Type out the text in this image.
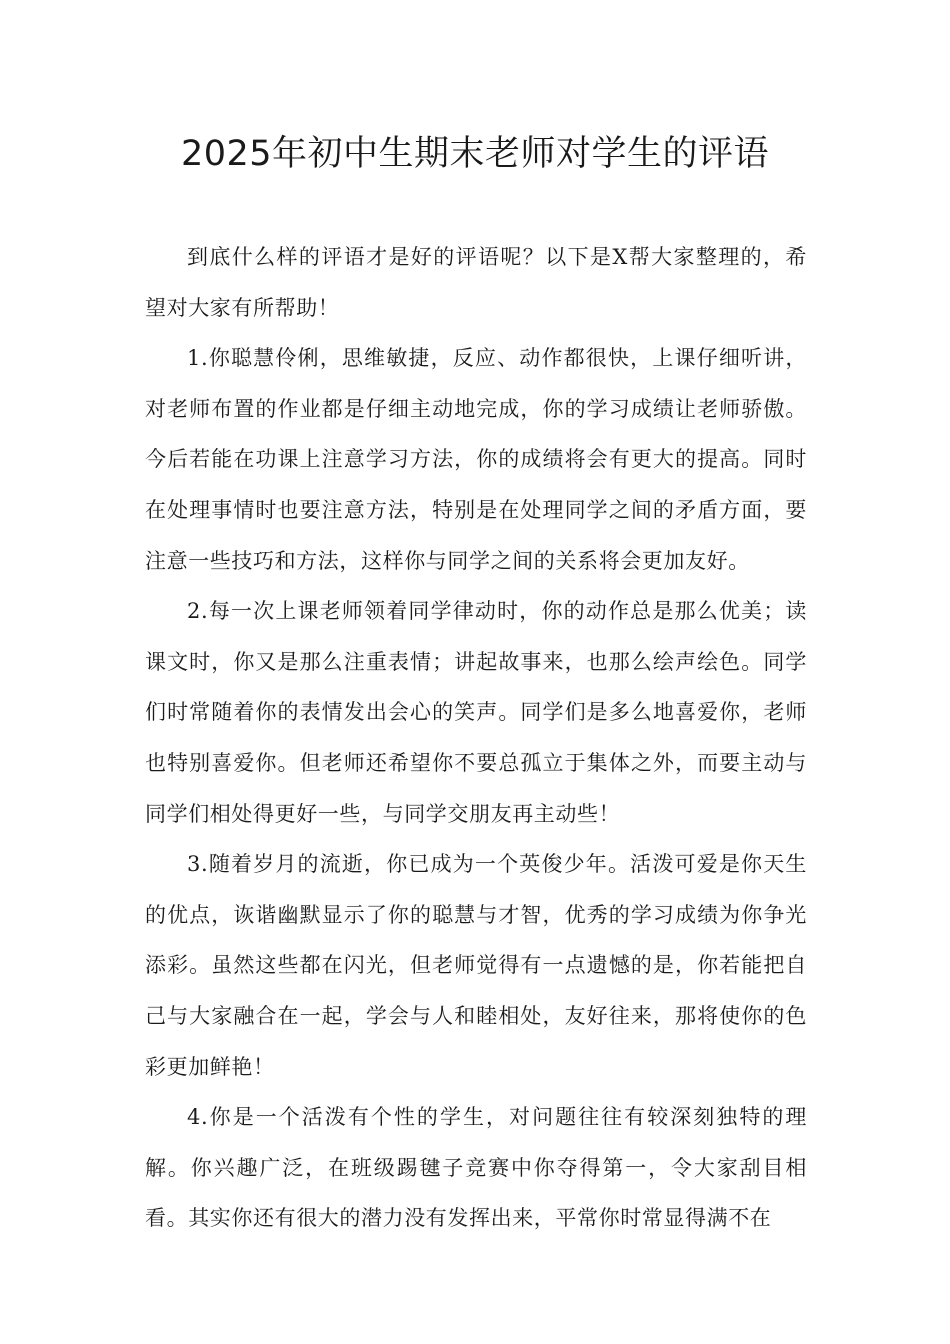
2025年初中生期末老师对学生的评语

到底什么样的评语才是好的评语呢？以下是X帮大家整理的，希望对大家有所帮助！

1.你聪慧伶俐，思维敏捷，反应、动作都很快，上课仔细听讲，对老师布置的作业都是仔细主动地完成，你的学习成绩让老师骄傲。今后若能在功课上注意学习方法，你的成绩将会有更大的提高。同时在处理事情时也要注意方法，特别是在处理同学之间的矛盾方面，要注意一些技巧和方法，这样你与同学之间的关系将会更加友好。

2.每一次上课老师领着同学律动时，你的动作总是那么优美；读课文时，你又是那么注重表情；讲起故事来，也那么绘声绘色。同学们时常随着你的表情发出会心的笑声。同学们是多么地喜爱你，老师也特别喜爱你。但老师还希望你不要总孤立于集体之外，而要主动与同学们相处得更好一些，与同学交朋友再主动些！

3.随着岁月的流逝，你已成为一个英俊少年。活泼可爱是你天生的优点，诙谐幽默显示了你的聪慧与才智，优秀的学习成绩为你争光添彩。虽然这些都在闪光，但老师觉得有一点遗憾的是，你若能把自己与大家融合在一起，学会与人和睦相处，友好往来，那将使你的色彩更加鲜艳！

4.你是一个活泼有个性的学生，对问题往往有较深刻独特的理解。你兴趣广泛，在班级踢毽子竞赛中你夺得第一，令大家刮目相看。其实你还有很大的潜力没有发挥出来，平常你时常显得满不在
